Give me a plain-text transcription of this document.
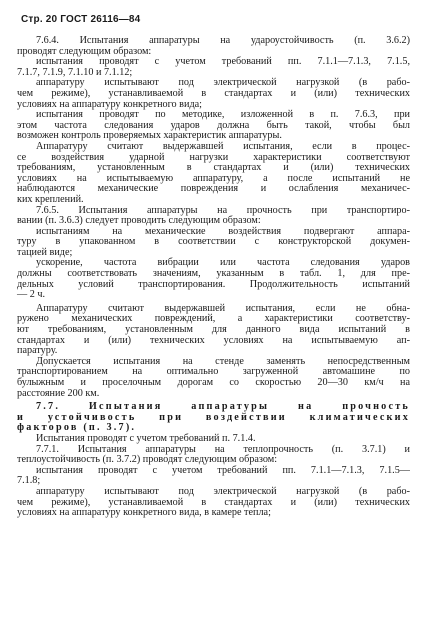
Стр. 20 ГОСТ 26116—84
7.6.4. Испытания аппаратуры на удароустойчивость (п. 3.6.2)
проводят следующим образом:
испытания проводят с учетом требований пп. 7.1.1—7.1.3, 7.1.5,
7.1.7, 7.1.9, 7.1.10 и 7.1.12;
аппаратуру испытывают под электрической нагрузкой (в рабо-
чем режиме), устанавливаемой в стандартах и (или) технических
условиях на аппаратуру конкретного вида;
испытания проводят по методике, изложенной в п. 7.6.3, при
этом частота следования ударов должна быть такой, чтобы был
возможен контроль проверяемых характеристик аппаратуры.
Аппаратуру считают выдержавшей испытания, если в процес-
се воздействия ударной нагрузки характеристики соответствуют
требованиям, установленным в стандартах и (или) технических
условиях на испытываемую аппаратуру, а после испытаний не
наблюдаются механические повреждения и ослабления механичес-
ких креплений.
7.6.5. Испытания аппаратуры на прочность при транспортиро-
вании (п. 3.6.3) следует проводить следующим образом:
испытаниям на механические воздействия подвергают аппара-
туру в упакованном в соответствии с конструкторской докумен-
тацией виде;
ускорение, частота вибрации или частота следования ударов
должны соответствовать значениям, указанным в табл. 1, для пре-
дельных условий транспортирования. Продолжительность испытаний
— 2 ч.
Аппаратуру считают выдержавшей испытания, если не обна-
ружено механических повреждений, а характеристики соответству-
ют требованиям, установленным для данного вида испытаний в
стандартах и (или) технических условиях на испытываемую ап-
паратуру.
Допускается испытания на стенде заменять непосредственным
транспортированием на оптимально загруженной автомашине по
булыжным и проселочным дорогам со скоростью 20—30 км/ч на
расстояние 200 км.
7.7. Испытания аппаратуры на прочность
и устойчивость при воздействии климатических
факторов (п. 3.7).
Испытания проводят с учетом требований п. 7.1.4.
7.7.1. Испытания аппаратуры на теплопрочность (п. 3.7.1) и
теплоустойчивость (п. 3.7.2) проводят следующим образом:
испытания проводят с учетом требований пп. 7.1.1—7.1.3, 7.1.5—
7.1.8;
аппаратуру испытывают под электрической нагрузкой (в рабо-
чем режиме), устанавливаемой в стандартах и (или) технических
условиях на аппаратуру конкретного вида, в камере тепла;
